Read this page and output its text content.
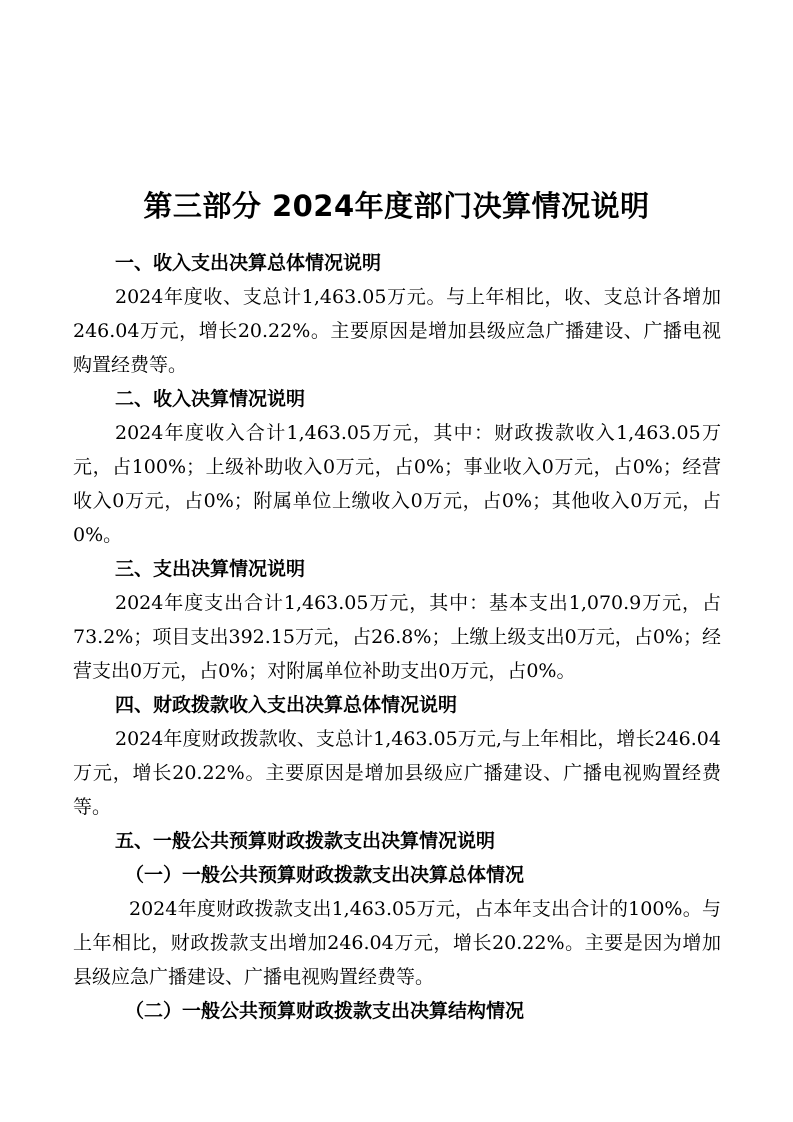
第三部分 2024年度部门决算情况说明
一、收入支出决算总体情况说明

2024年度收、支总计1,463.05万元。与上年相比，收、支总计各增加246.04万元，增长20.22%。主要原因是增加县级应急广播建设、广播电视购置经费等。

二、收入决算情况说明

2024年度收入合计1,463.05万元，其中：财政拨款收入1,463.05万元，占100%；上级补助收入0万元，占0%；事业收入0万元，占0%；经营收入0万元，占0%；附属单位上缴收入0万元，占0%；其他收入0万元，占0%。

三、支出决算情况说明

2024年度支出合计1,463.05万元，其中：基本支出1,070.9万元，占73.2%；项目支出392.15万元，占26.8%；上缴上级支出0万元，占0%；经营支出0万元，占0%；对附属单位补助支出0万元，占0%。

四、财政拨款收入支出决算总体情况说明

2024年度财政拨款收、支总计1,463.05万元,与上年相比，增长246.04万元，增长20.22%。主要原因是增加县级应广播建设、广播电视购置经费等。

五、一般公共预算财政拨款支出决算情况说明
（一）一般公共预算财政拨款支出决算总体情况

2024年度财政拨款支出1,463.05万元，占本年支出合计的100%。与上年相比，财政拨款支出增加246.04万元，增长20.22%。主要是因为增加县级应急广播建设、广播电视购置经费等。

（二）一般公共预算财政拨款支出决算结构情况
